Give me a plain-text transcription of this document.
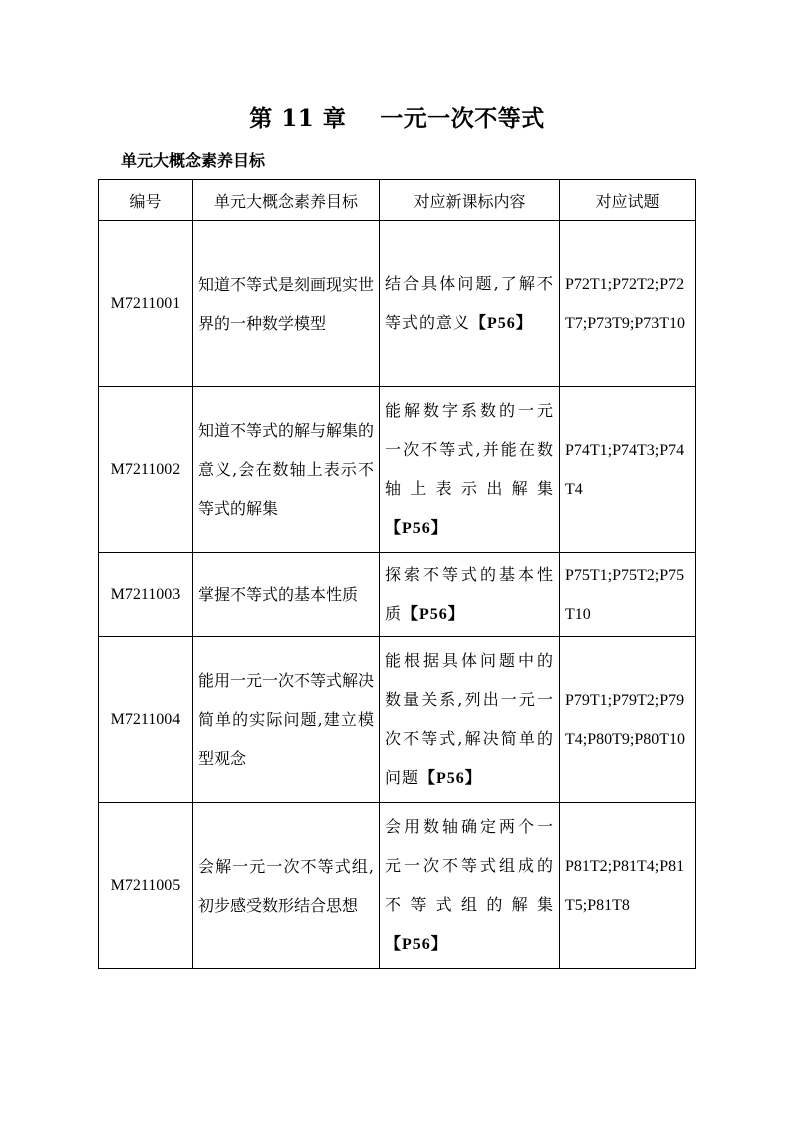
第 11 章    一元一次不等式
单元大概念素养目标
编号	单元大概念素养目标	对应新课标内容	对应试题
M7211001	知道不等式是刻画现实世界的一种数学模型	结合具体问题,了解不等式的意义【P56】	P72T1;P72T2;P72T7;P73T9;P73T10
M7211002	知道不等式的解与解集的意义,会在数轴上表示不等式的解集	能解数字系数的一元一次不等式,并能在数轴上表示出解集【P56】	P74T1;P74T3;P74T4
M7211003	掌握不等式的基本性质	探索不等式的基本性质【P56】	P75T1;P75T2;P75T10
M7211004	能用一元一次不等式解决简单的实际问题,建立模型观念	能根据具体问题中的数量关系,列出一元一次不等式,解决简单的问题【P56】	P79T1;P79T2;P79T4;P80T9;P80T10
M7211005	会解一元一次不等式组,初步感受数形结合思想	会用数轴确定两个一元一次不等式组成的不等式组的解集【P56】	P81T2;P81T4;P81T5;P81T8
